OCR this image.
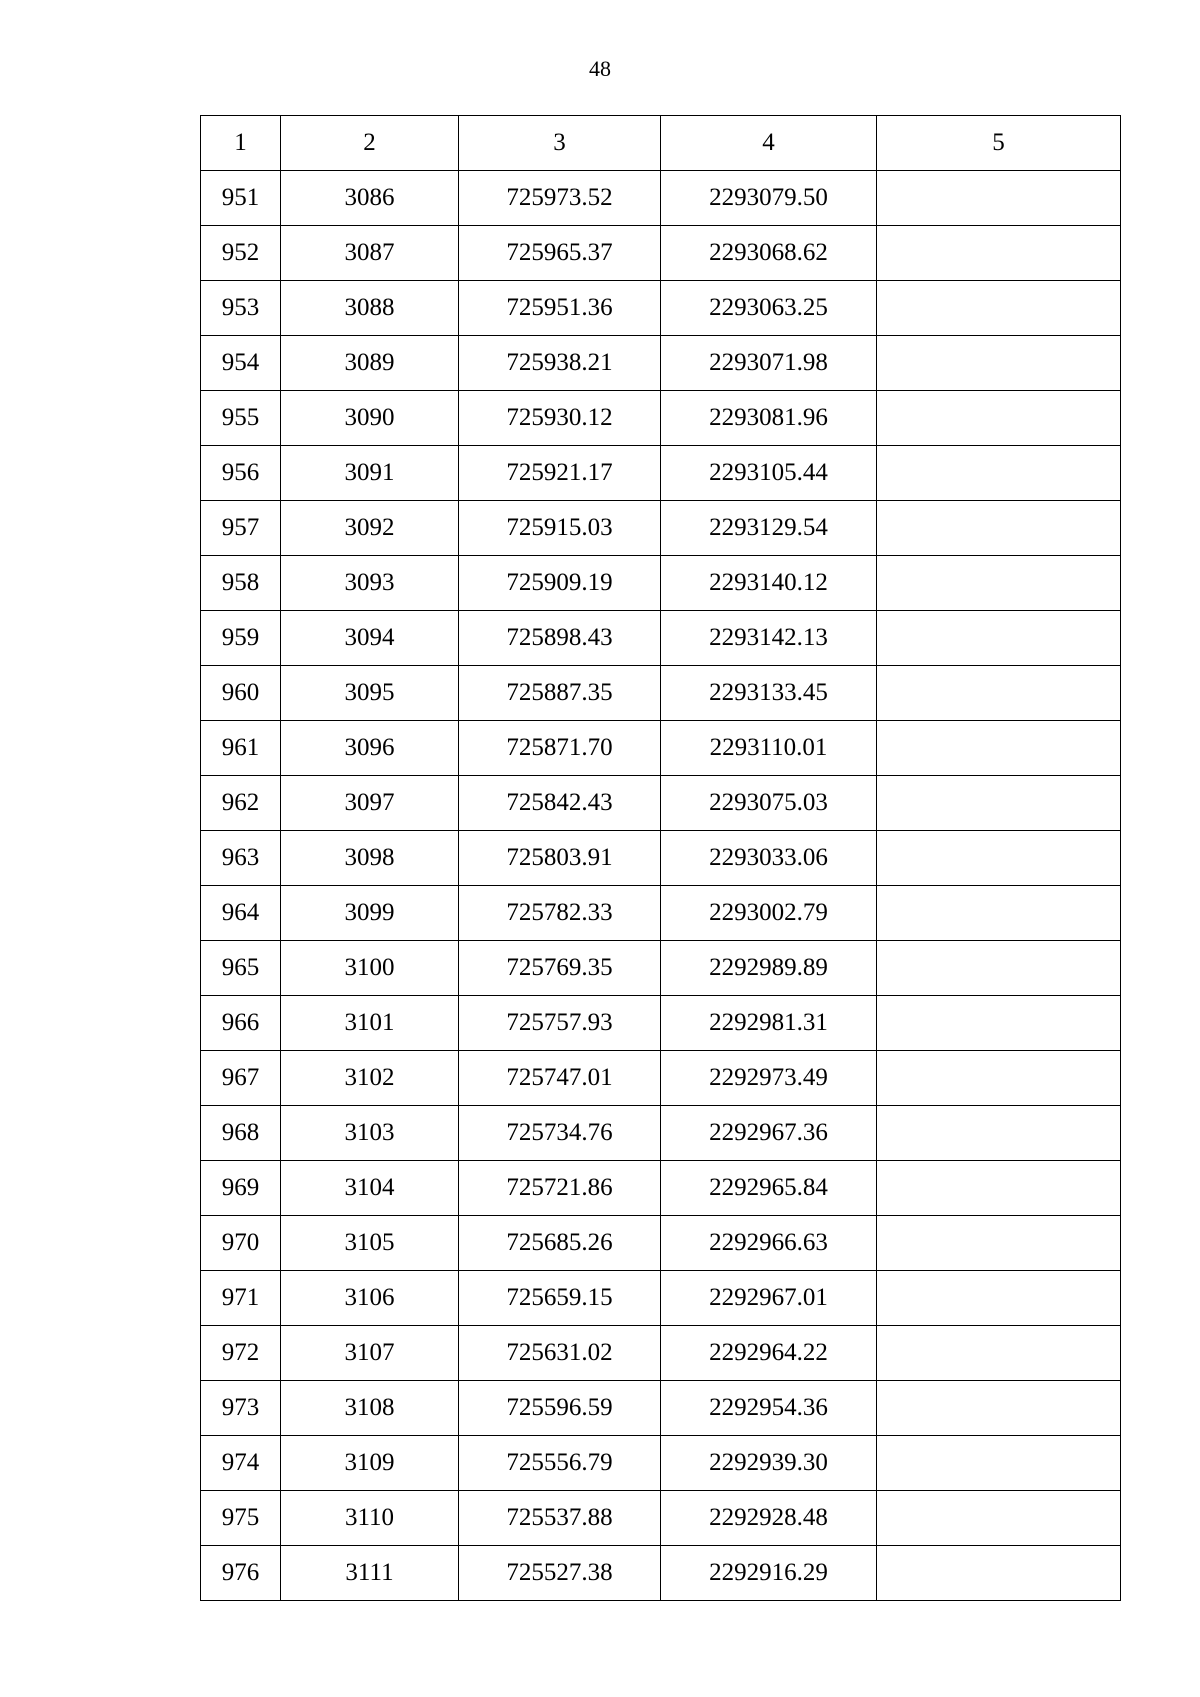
48
1	2	3	4	5
951	3086	725973.52	2293079.50	
952	3087	725965.37	2293068.62	
953	3088	725951.36	2293063.25	
954	3089	725938.21	2293071.98	
955	3090	725930.12	2293081.96	
956	3091	725921.17	2293105.44	
957	3092	725915.03	2293129.54	
958	3093	725909.19	2293140.12	
959	3094	725898.43	2293142.13	
960	3095	725887.35	2293133.45	
961	3096	725871.70	2293110.01	
962	3097	725842.43	2293075.03	
963	3098	725803.91	2293033.06	
964	3099	725782.33	2293002.79	
965	3100	725769.35	2292989.89	
966	3101	725757.93	2292981.31	
967	3102	725747.01	2292973.49	
968	3103	725734.76	2292967.36	
969	3104	725721.86	2292965.84	
970	3105	725685.26	2292966.63	
971	3106	725659.15	2292967.01	
972	3107	725631.02	2292964.22	
973	3108	725596.59	2292954.36	
974	3109	725556.79	2292939.30	
975	3110	725537.88	2292928.48	
976	3111	725527.38	2292916.29	
